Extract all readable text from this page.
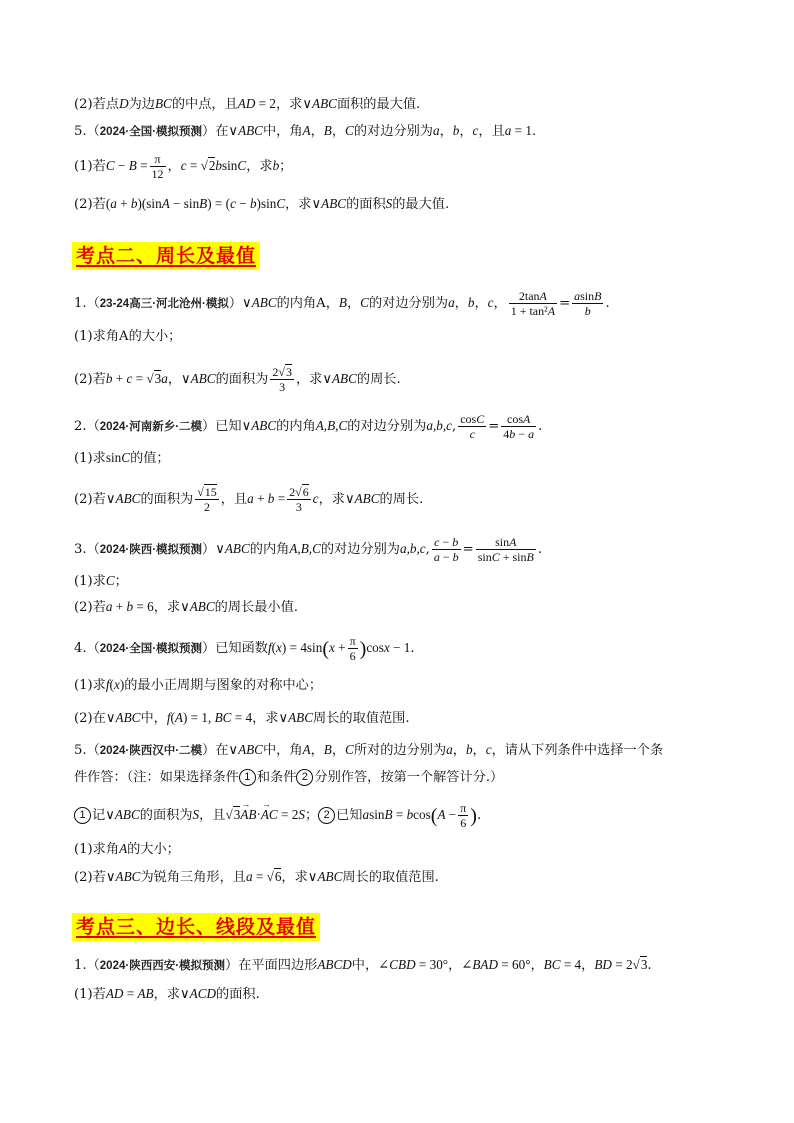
(2)若点D为边BC的中点，且AD = 2，求∨ABC面积的最大值.
5.（2024·全国·模拟预测）在∨ABC中，角A，B，C的对边分别为a，b，c，且a = 1.
(1)若$C - B = \frac{\pi}{12}$ ，c = √2bsinC，求b；
(2)若(a + b)(sinA − sinB) = (c − b)sinC，求∨ABC的面积S的最大值.
考点二、周长及最值
1.（23-24高三·河北沧州·模拟）∨ABC的内角A，B，C的对边分别为a，b，c， $\frac{2\tan A}{\text{1 + tan²A}} = \frac{asinB}{b}$ .
(1)求角A的大小；
(2)若b + c = √3a，∨ABC的面积为 $\frac{2√3}{3}$ ，求∨ABC的周长.
2.（2024·河南新乡·二模）已知∨ABC的内角A,B,C的对边分别为a,b,c, $\frac{\cos C}{c} = \frac{\cos A}{4b - a}$ .
(1)求sinC的值；
(2)若∨ABC的面积为 $\frac{√15}{2}$ ，且$a + b = \frac{2√6}{3}$ c，求∨ABC的周长.
3.（2024·陕西·模拟预测）∨ABC的内角A,B,C的对边分别为a,b,c, $\frac{c - b}{a - b} = \frac{\sin A}{\sin C + \sin B}$ .
(1)求C；
(2)若a + b = 6，求∨ABC的周长最小值.
4.（2024·全国·模拟预测）已知函数$f(x) = 4\sin(x + \frac{\pi}{6} )\cos x - 1$.
(1)求f(x)的最小正周期与图象的对称中心；
(2)在∨ABC中，f(A) = 1, BC = 4，求∨ABC周长的取值范围.
5.（2024·陕西汉中·二模）在∨ABC中，角A，B，C所对的边分别为a，b，c，请从下列条件中选择一个条
件作答：（注：如果选择条件 1 和条件 2 分别作答，按第一个解答计分.）
1 记∨ABC的面积为S，且√3→ AB·→ AC = 2S； 2 已知$asinB = bcos(A - \frac{\pi}{6}$ ).
(1)求角A的大小；
(2)若∨ABC为锐角三角形，且a = √6，求∨ABC周长的取值范围.
考点三、边长、线段及最值
1.（2024·陕西西安·模拟预测）在平面四边形ABCD中，∠CBD = 30°，∠BAD = 60°，BC = 4，BD = 2√3.
(1)若AD = AB，求∨ACD的面积.
